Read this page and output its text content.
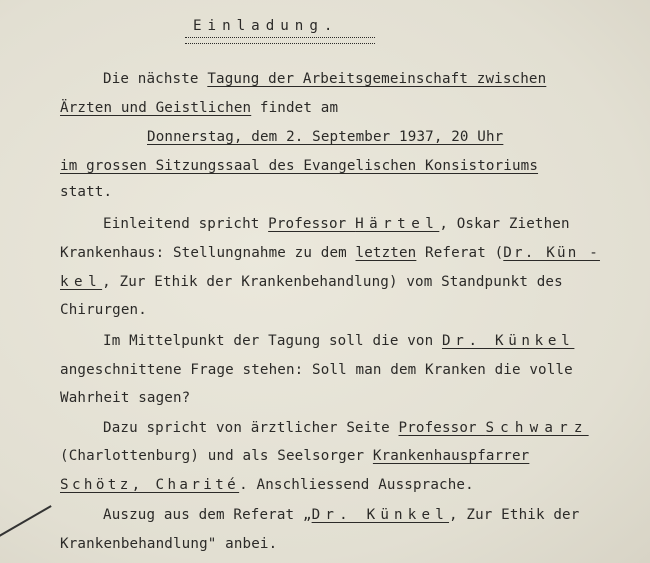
Einladung.
Die nächste Tagung der Arbeitsgemeinschaft zwischen
Ärzten und Geistlichen findet am
Donnerstag, dem 2. September 1937, 20 Uhr
im grossen Sitzungssaal des Evangelischen Konsistoriums
statt.
Einleitend spricht Professor Härtel, Oskar Ziethen
Krankenhaus: Stellungnahme zu dem letzten Referat (Dr. Kün -
kel, Zur Ethik der Krankenbehandlung) vom Standpunkt des
Chirurgen.
Im Mittelpunkt der Tagung soll die von Dr. Künkel
angeschnittene Frage stehen: Soll man dem Kranken die volle
Wahrheit sagen?
Dazu spricht von ärztlicher Seite Professor Schwarz
(Charlottenburg) und als Seelsorger Krankenhauspfarrer
Schötz, Charité. Anschliessend Aussprache.
Auszug aus dem Referat „Dr. Künkel, Zur Ethik der
Krankenbehandlung" anbei.
